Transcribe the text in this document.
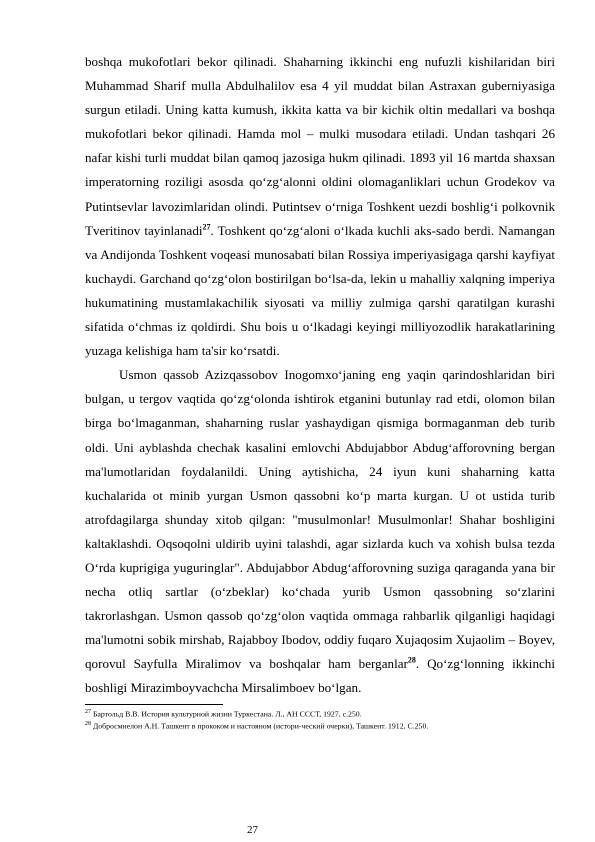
boshqa mukofotlari bekor qilinadi. Shaharning ikkinchi eng nufuzli kishilaridan biri Muhammad Sharif mulla Abdulhalilov esa 4 yil muddat bilan Astraxan guberniyasiga surgun etiladi. Uning katta kumush, ikkita katta va bir kichik oltin medallari va boshqa mukofotlari bekor qilinadi. Hamda mol – mulki musodara etiladi. Undan tashqari 26 nafar kishi turli muddat bilan qamoq jazosiga hukm qilinadi. 1893 yil 16 martda shaxsan imperatorning roziligi asosda qo‘zg‘alonni oldini olomaganliklari uchun Grodekov va Putintsevlar lavozimlaridan olindi. Putintsev o‘rniga Toshkent uezdi boshlig‘i polkovnik Tveritinov tayinlanadi$^{27}$. Toshkent qo‘zg‘aloni o‘lkada kuchli aks-sado berdi. Namangan va Andijonda Toshkent voqeasi munosabati bilan Rossiya imperiyasigaga qarshi kayfiyat kuchaydi. Garchand qo‘zg‘olon bostirilgan bo‘lsa-da, lekin u mahalliy xalqning imperiya hukumatining mustamlakachilik siyosati va milliy zulmiga qarshi qaratilgan kurashi sifatida o‘chmas iz qoldirdi. Shu bois u o‘lkadagi keyingi milliyozodlik harakatlarining yuzaga kelishiga ham ta'sir ko‘rsatdi.

Usmon qassob Azizqassobov Inogomxo‘janing eng yaqin qarindoshlaridan biri bulgan, u tergov vaqtida qo‘zg‘olonda ishtirok etganini butunlay rad etdi, olomon bilan birga bo‘lmaganman, shaharning ruslar yashaydigan qismiga bormaganman deb turib oldi. Uni ayblashda chechak kasalini emlovchi Abdujabbor Abdug‘afforovning bergan ma'lumotlaridan foydalanildi. Uning aytishicha, 24 iyun kuni shaharning katta kuchalarida ot minib yurgan Usmon qassobni ko‘p marta kurgan. U ot ustida turib atrofdagilarga shunday xitob qilgan: "musulmonlar! Musulmonlar! Shahar boshligini kaltaklashdi. Oqsoqolni uldirib uyini talashdi, agar sizlarda kuch va xohish bulsa tezda O‘rda kuprigiga yuguringlar". Abdujabbor Abdug‘afforovning suziga qaraganda yana bir necha otliq sartlar (o‘zbeklar) ko‘chada yurib Usmon qassobning so‘zlarini takrorlashgan. Usmon qassob qo‘zg‘olon vaqtida ommaga rahbarlik qilganligi haqidagi ma'lumotni sobik mirshab, Rajabboy Ibodov, oddiy fuqaro Xujaqosim Xujaolim – Boyev, qorovul Sayfulla Miralimov va boshqalar ham berganlar$^{28}$. Qo‘zg‘lonning ikkinchi boshligi Mirazimboyvachcha Mirsalimboev bo‘lgan.

$^{27}$ Бартольд В.В. История культурной жизни Туркестана. Л., АН СССТ, 1927, с.250.

$^{28}$ Добросмнелон А.Н. Ташкент в прококом и настояном (истори-ческий очерки), Ташкент. 1912, С.250.

27
